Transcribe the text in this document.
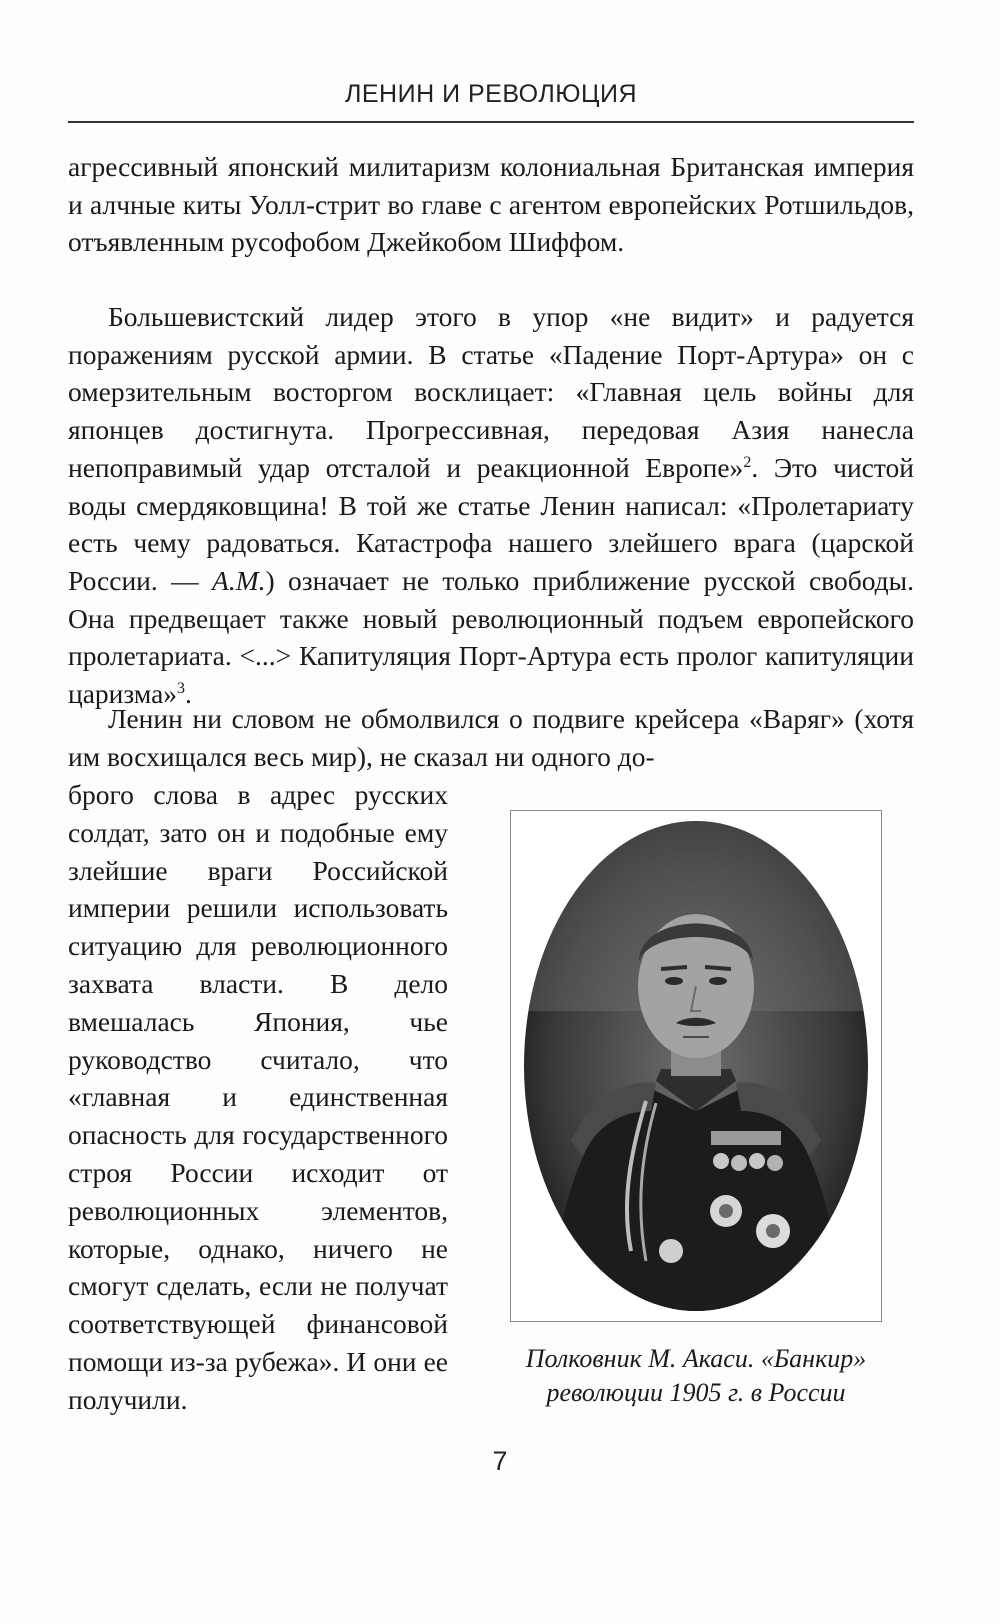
ЛЕНИН И РЕВОЛЮЦИЯ

агрессивный японский милитаризм колониальная Британская империя и алчные киты Уолл-стрит во главе с агентом европейских Ротшильдов, отъявленным русофобом Джейкобом Шиффом.

Большевистский лидер этого в упор «не видит» и радуется поражениям русской армии. В статье «Падение Порт-Артура» он с омерзительным восторгом восклицает: «Главная цель войны для японцев достигнута. Прогрессивная, передовая Азия нанесла непоправимый удар отсталой и реакционной Европе»$^2$. Это чистой воды смердяковщина! В той же статье Ленин написал: «Пролетариату есть чему радоваться. Катастрофа нашего злейшего врага (царской России. — А.М.) означает не только приближение русской свободы. Она предвещает также новый революционный подъем европейского пролетариата. <...> Капитуляция Порт-Артура есть пролог капитуляции царизма»$^3$.

Ленин ни словом не обмолвился о подвиге крейсера «Варяг» (хотя им восхищался весь мир), не сказал ни одного до-

брого слова в адрес русских солдат, зато он и подобные ему злейшие враги Российской империи решили использовать ситуацию для революционного захвата власти. В дело вмешалась Япония, чье руководство считало, что «главная и единственная опасность для государственного строя России исходит от революционных элементов, которые, однако, ничего не смогут сделать, если не получат соответствующей финансовой помощи из-за рубежа». И они ее получили.

Полковник М. Акаси. «Банкир»
революции 1905 г. в России
7
